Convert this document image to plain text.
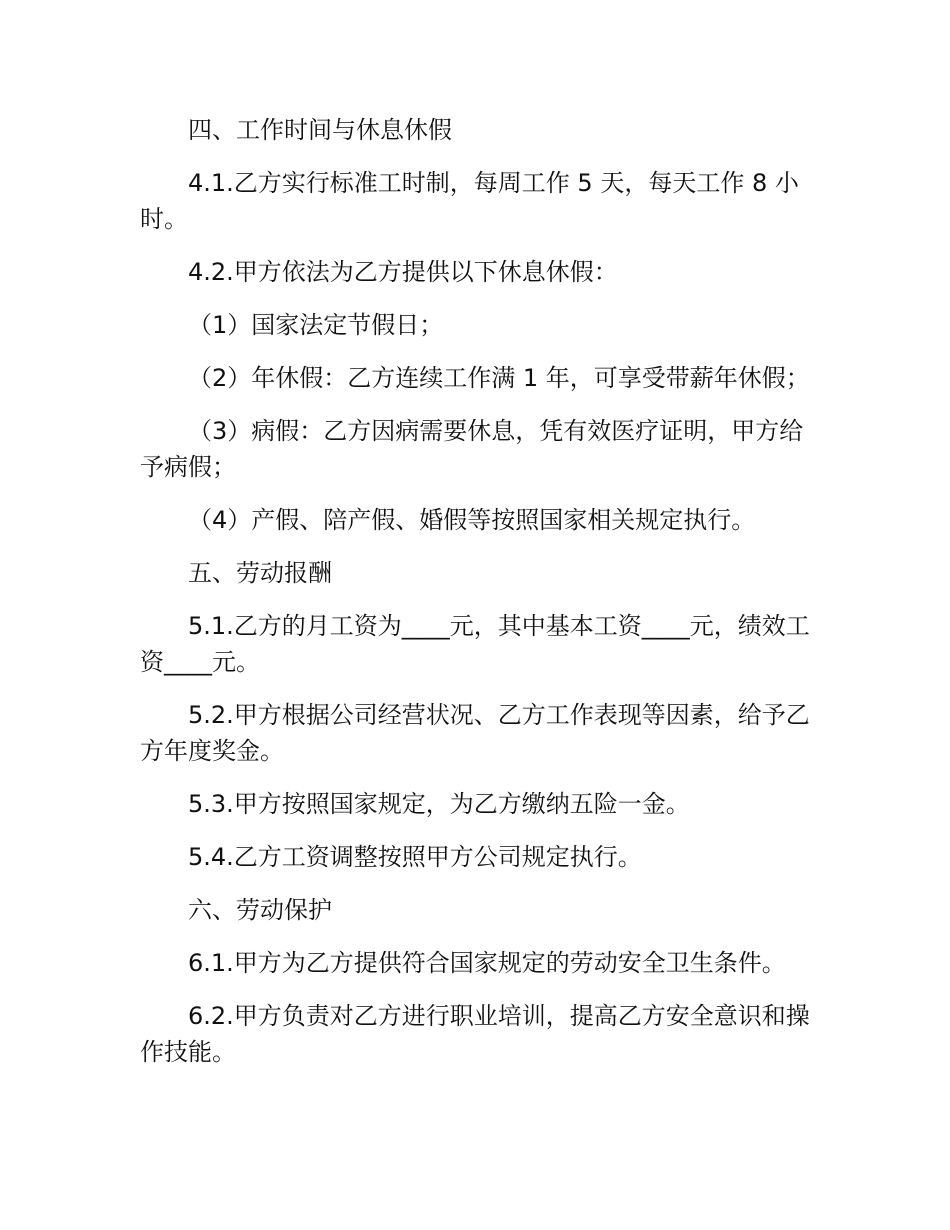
四、工作时间与休息休假

4.1.乙方实行标准工时制，每周工作 5 天，每天工作 8 小时。

4.2.甲方依法为乙方提供以下休息休假：

（1）国家法定节假日；

（2）年休假：乙方连续工作满 1 年，可享受带薪年休假；

（3）病假：乙方因病需要休息，凭有效医疗证明，甲方给予病假；

（4）产假、陪产假、婚假等按照国家相关规定执行。

五、劳动报酬

5.1.乙方的月工资为____元，其中基本工资____元，绩效工资____元。

5.2.甲方根据公司经营状况、乙方工作表现等因素，给予乙方年度奖金。

5.3.甲方按照国家规定，为乙方缴纳五险一金。

5.4.乙方工资调整按照甲方公司规定执行。

六、劳动保护

6.1.甲方为乙方提供符合国家规定的劳动安全卫生条件。

6.2.甲方负责对乙方进行职业培训，提高乙方安全意识和操作技能。
